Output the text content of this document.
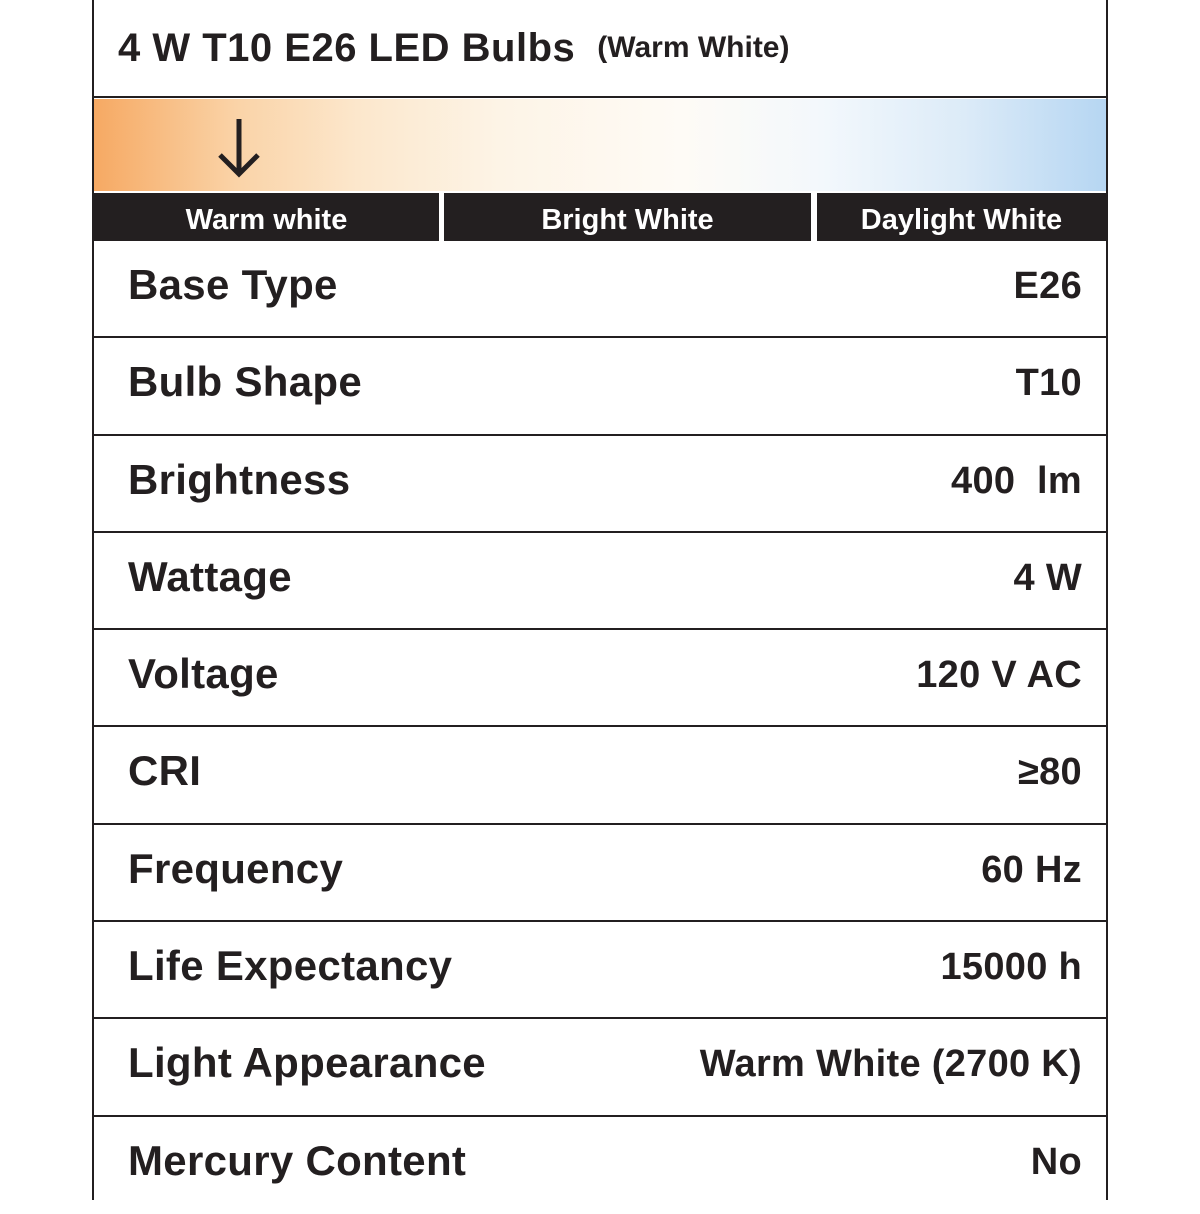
4 W T10 E26 LED Bulbs (Warm White)
Warm white	Bright White	Daylight White
Base Type	E26
Bulb Shape	T10
Brightness	400  lm
Wattage	4 W
Voltage	120 V AC
CRI	≥80
Frequency	60 Hz
Life Expectancy	15000 h
Light Appearance	Warm White (2700 K)
Mercury Content	No
